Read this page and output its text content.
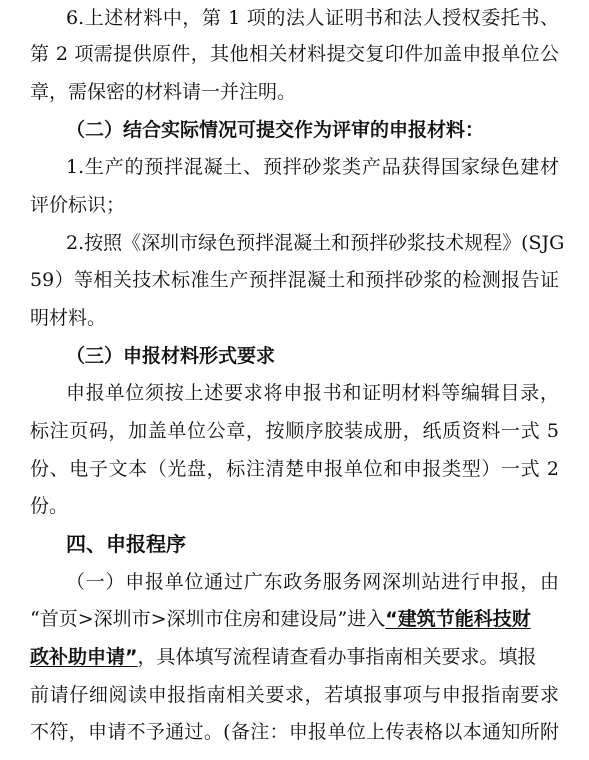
6.上述材料中，第 1 项的法人证明书和法人授权委托书、
第 2 项需提供原件，其他相关材料提交复印件加盖申报单位公
章，需保密的材料请一并注明。
（二）结合实际情况可提交作为评审的申报材料：
1.生产的预拌混凝土、预拌砂浆类产品获得国家绿色建材
评价标识；
2.按照《深圳市绿色预拌混凝土和预拌砂浆技术规程》(SJG
59）等相关技术标准生产预拌混凝土和预拌砂浆的检测报告证
明材料。
（三）申报材料形式要求
申报单位须按上述要求将申报书和证明材料等编辑目录，
标注页码，加盖单位公章，按顺序胶装成册，纸质资料一式 5
份、电子文本（光盘，标注清楚申报单位和申报类型）一式 2
份。
四、申报程序
（一）申报单位通过广东政务服务网深圳站进行申报，由
“首页>深圳市>深圳市住房和建设局”进入“建筑节能科技财
政补助申请”，具体填写流程请查看办事指南相关要求。填报
前请仔细阅读申报指南相关要求，若填报事项与申报指南要求
不符，申请不予通过。(备注：申报单位上传表格以本通知所附
